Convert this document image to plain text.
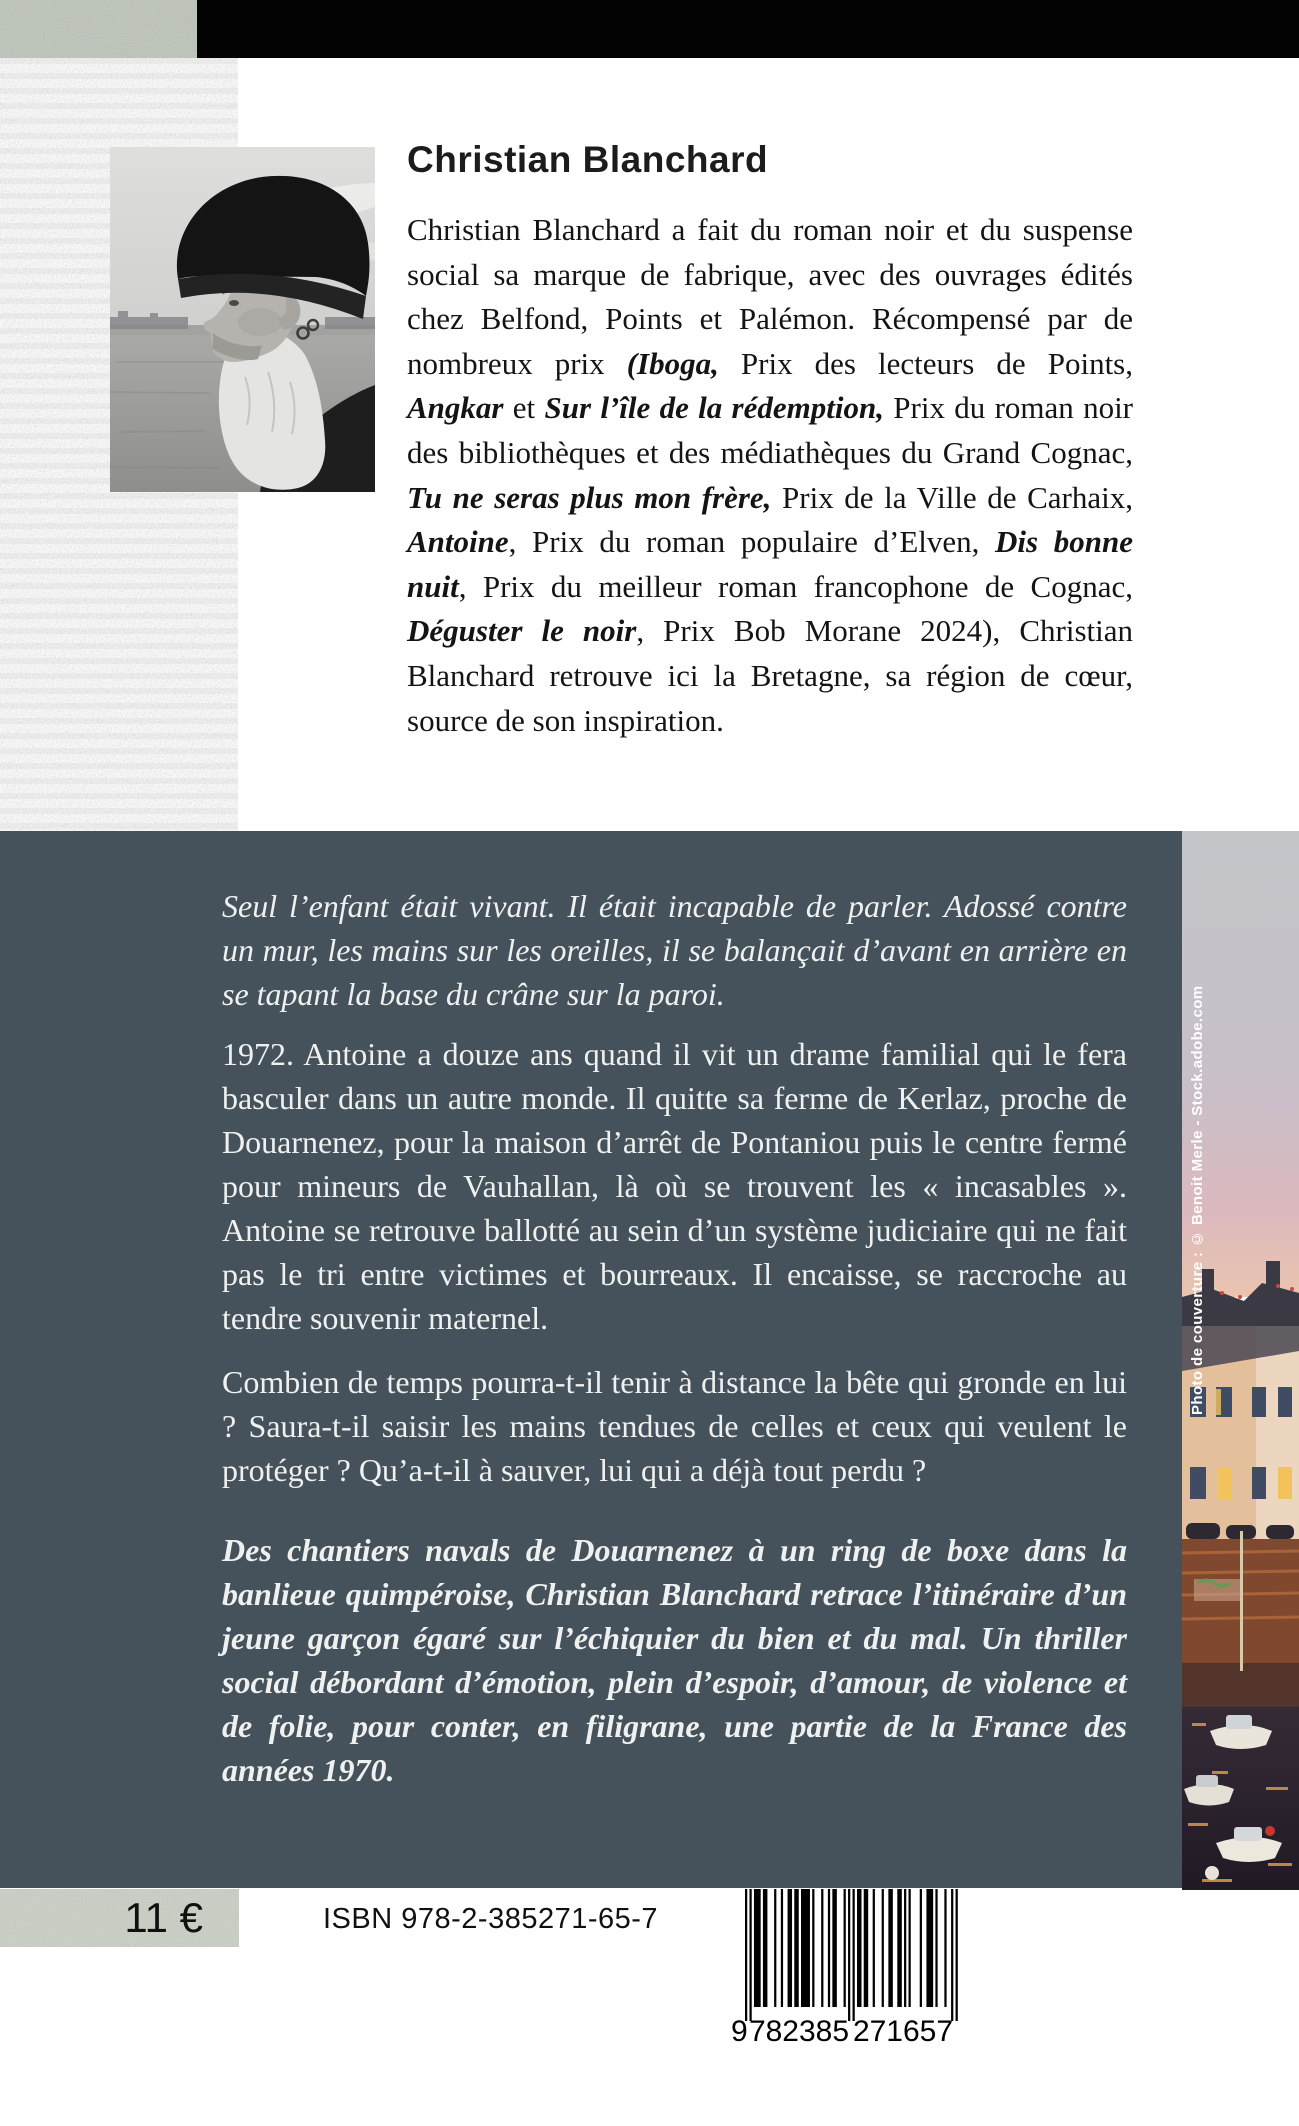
Christian Blanchard

Christian Blanchard a fait du roman noir et du suspense social sa marque de fabrique, avec des ouvrages édités chez Belfond, Points et Palémon. Récompensé par de nombreux prix (Iboga, Prix des lecteurs de Points, Angkar et Sur l’île de la rédemption, Prix du roman noir des bibliothèques et des médiathèques du Grand Cognac, Tu ne seras plus mon frère, Prix de la Ville de Carhaix, Antoine, Prix du roman populaire d’Elven, Dis bonne nuit, Prix du meilleur roman francophone de Cognac, Déguster le noir, Prix Bob Morane 2024), Christian Blanchard retrouve ici la Bretagne, sa région de cœur, source de son inspiration.

Seul l’enfant était vivant. Il était incapable de parler. Adossé contre un mur, les mains sur les oreilles, il se balançait d’avant en arrière en se tapant la base du crâne sur la paroi.

1972. Antoine a douze ans quand il vit un drame familial qui le fera basculer dans un autre monde. Il quitte sa ferme de Kerlaz, proche de Douarnenez, pour la maison d’arrêt de Pontaniou puis le centre fermé pour mineurs de Vauhallan, là où se trouvent les « incasables ». Antoine se retrouve ballotté au sein d’un système judiciaire qui ne fait pas le tri entre victimes et bourreaux. Il encaisse, se raccroche au tendre souvenir maternel.

Combien de temps pourra-t-il tenir à distance la bête qui gronde en lui ? Saura-t-il saisir les mains tendues de celles et ceux qui veulent le protéger ? Qu’a-t-il à sauver, lui qui a déjà tout perdu ?

Des chantiers navals de Douarnenez à un ring de boxe dans la banlieue quimpéroise, Christian Blanchard retrace l’itinéraire d’un jeune garçon égaré sur l’échiquier du bien et du mal. Un thriller social débordant d’émotion, plein d’espoir, d’amour, de violence et de folie, pour conter, en filigrane, une partie de la France des années 1970.

Photo de couverture : © Benoit Merle - Stock.adobe.com
11 €	ISBN 978-2-385271-65-7
9 782385 271657
